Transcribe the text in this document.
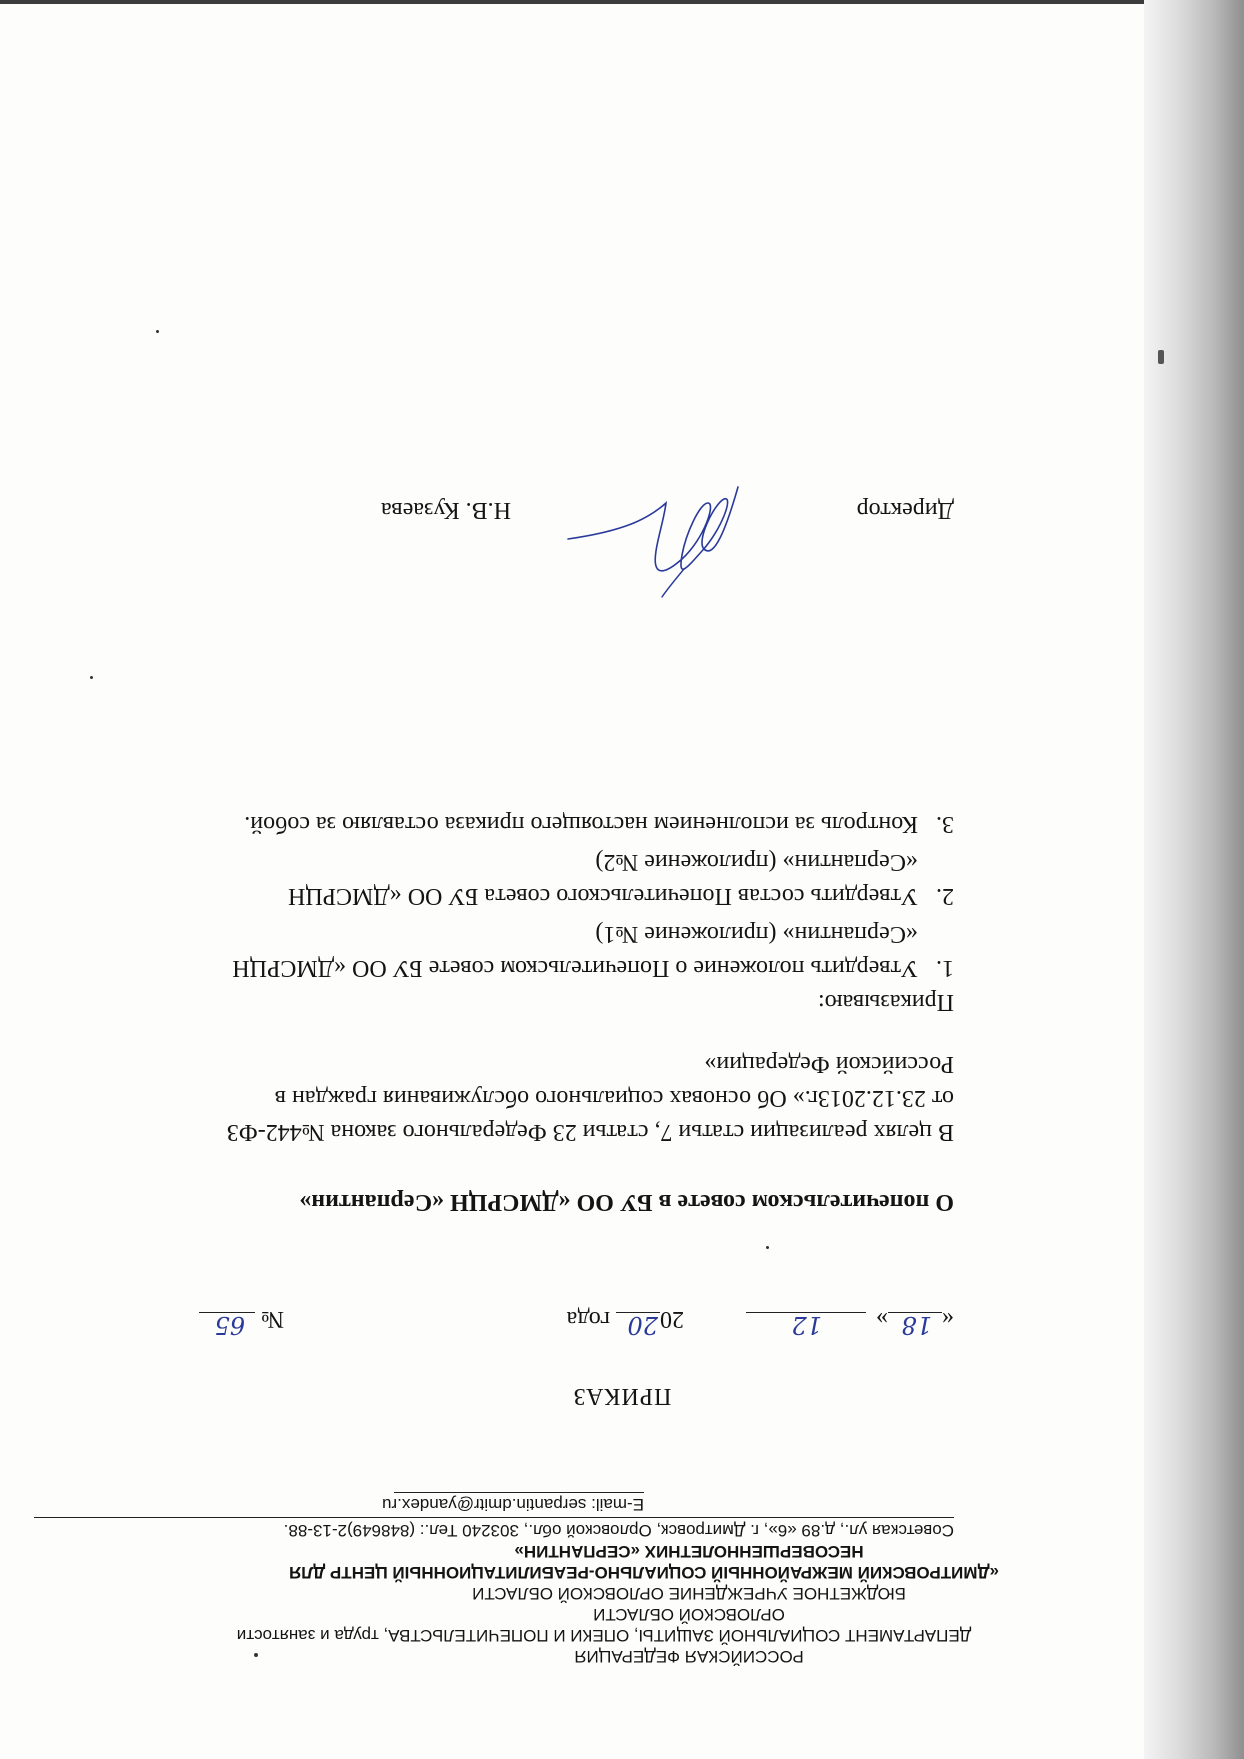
РОССИЙСКАЯ ФЕДЕРАЦИЯ
ДЕПАРТАМЕНТ СОЦИАЛЬНОЙ ЗАЩИТЫ, ОПЕКИ И ПОПЕЧИТЕЛЬСТВА, труда и занятости
ОРЛОВСКОЙ ОБЛАСТИ
БЮДЖЕТНОЕ УЧРЕЖДЕНИЕ ОРЛОВСКОЙ ОБЛАСТИ
«ДМИТРОВСКИЙ МЕЖРАЙОННЫЙ СОЦИАЛЬНО-РЕАБИЛИТАЦИОННЫЙ ЦЕНТР ДЛЯ
НЕСОВЕРШЕННОЛЕТНИХ «СЕРПАНТИН»
Советская ул., д.89 «6», г. Дмитровск, Орловской обл., 303240 Тел.: (848649)2-13-88.
E-mail: serpantin.dmitr@yandex.ru
ПРИКАЗ
«
18
»
12
20
20
года
№
65
О попечительском совете в БУ ОО «ДМСРЦН «Серпантин»
В целях реализации статьи 7, статьи 23 Федерального закона №442-ФЗ
от 23.12.2013г.» Об основах социального обслуживания граждан в
Российской Федерации»
Приказываю:
1.
Утвердить положение о Попечительском совете БУ ОО «ДМСРЦН
«Серпантин» (приложение №1)
2.
Утвердить состав Попечительского совета БУ ОО «ДМСРЦН
«Серпантин» (приложение №2)
3.
Контроль за исполнением настоящего приказа оставляю за собой.
Директор
Н.В. Кузаева
